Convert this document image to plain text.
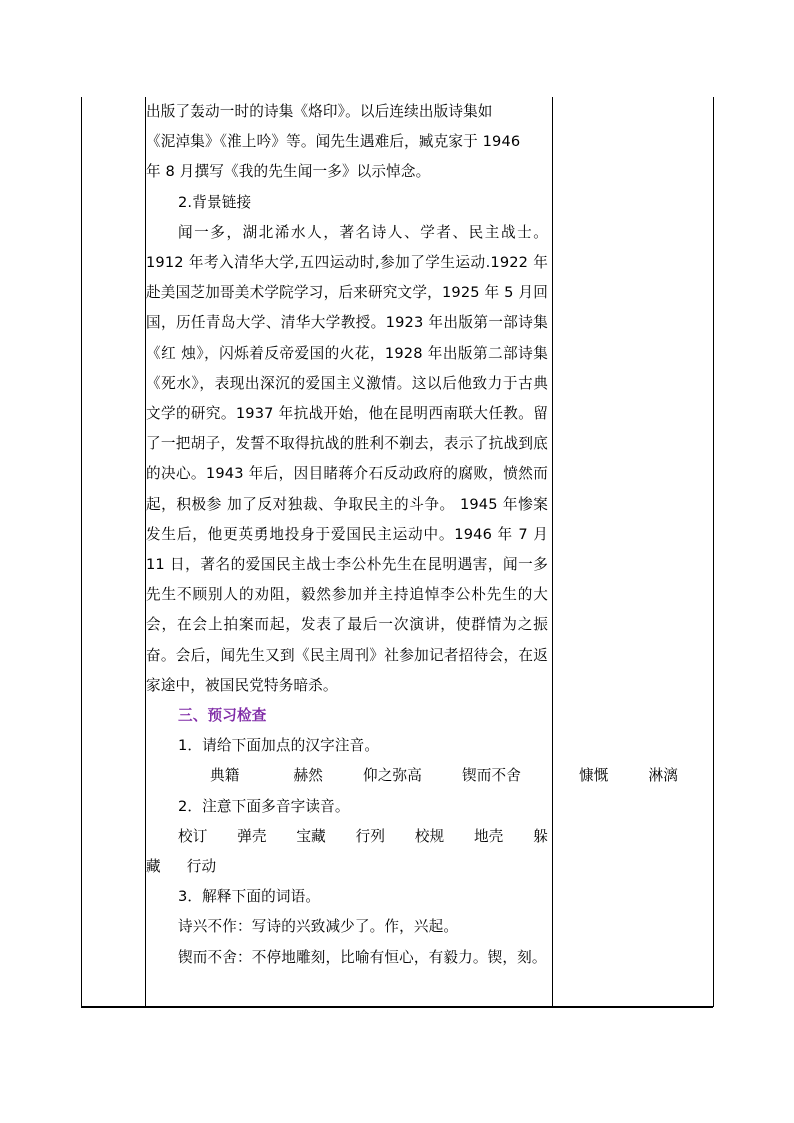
出版了轰动一时的诗集《烙印》。以后连续出版诗集如

《泥淖集》《淮上吟》等。闻先生遇难后，臧克家于 1946

年 8 月撰写《我的先生闻一多》以示悼念。

2.背景链接

闻一多，湖北浠水人，著名诗人、学者、民主战士。1912 年考入清华大学,五四运动时,参加了学生运动.1922 年赴美国芝加哥美术学院学习，后来研究文学，1925 年 5 月回国，历任青岛大学、清华大学教授。1923 年出版第一部诗集《红 烛》，闪烁着反帝爱国的火花，1928 年出版第二部诗集《死水》，表现出深沉的爱国主义激情。这以后他致力于古典文学的研究。1937 年抗战开始，他在昆明西南联大任教。留了一把胡子，发誓不取得抗战的胜利不剃去，表示了抗战到底的决心。1943 年后，因目睹蒋介石反动政府的腐败，愤然而起，积极参 加了反对独裁、争取民主的斗争。 1945 年惨案发生后，他更英勇地投身于爱国民主运动中。1946 年 7 月 11 日，著名的爱国民主战士李公朴先生在昆明遇害，闻一多先生不顾别人的劝阻，毅然参加并主持追悼李公朴先生的大会，在会上拍案而起，发表了最后一次演讲，使群情为之振奋。会后，闻先生又到《民主周刊》社参加记者招待会，在返家途中，被国民党特务暗杀。

三、预习检查

1．请给下面加点的汉字注音。

典籍	赫然	仰之弥高	锲而不舍	慷慨	淋漓

2．注意下面多音字读音。

校订 弹壳 宝藏 行列 校规 地壳 躲

藏 行动

3．解释下面的词语。

诗兴不作：写诗的兴致减少了。作，兴起。

锲而不舍：不停地雕刻，比喻有恒心，有毅力。锲，刻。
